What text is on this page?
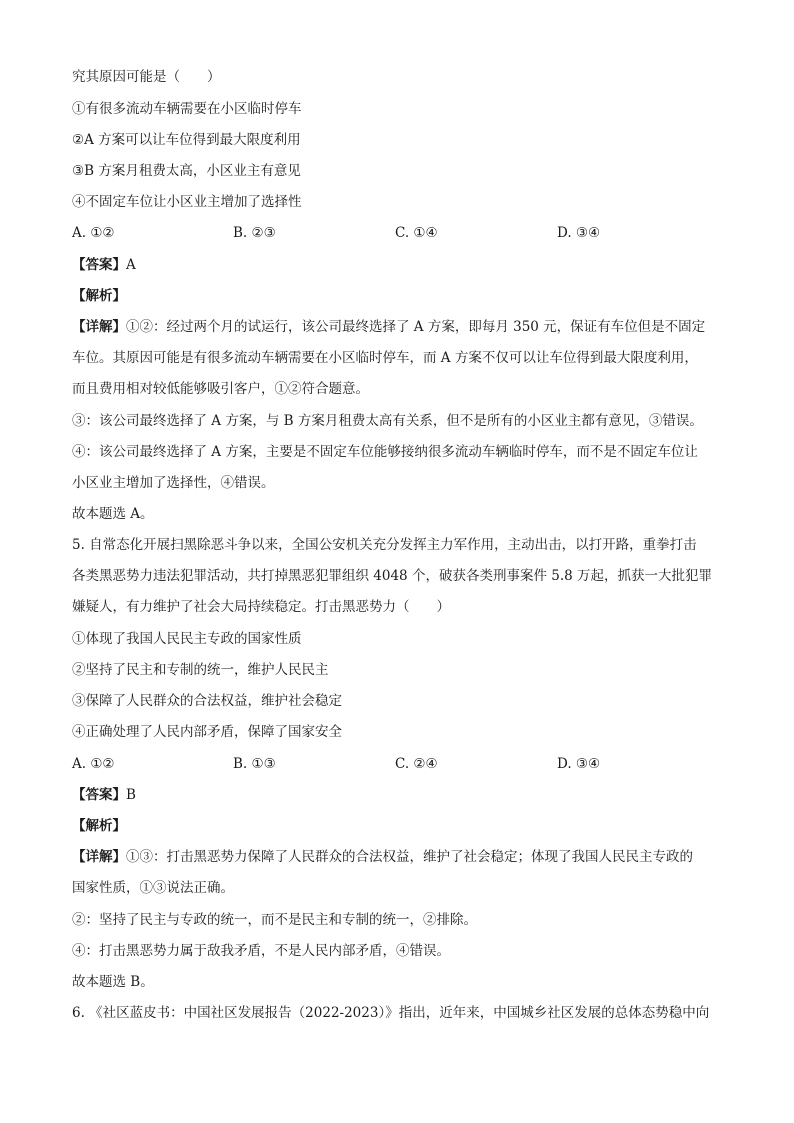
究其原因可能是（　　）
①有很多流动车辆需要在小区临时停车
②A 方案可以让车位得到最大限度利用
③B 方案月租费太高，小区业主有意见
④不固定车位让小区业主增加了选择性
A. ①②	B. ②③	C. ①④	D. ③④
【答案】A
【解析】
【详解】①②：经过两个月的试运行，该公司最终选择了 A 方案，即每月 350 元，保证有车位但是不固定
车位。其原因可能是有很多流动车辆需要在小区临时停车，而 A 方案不仅可以让车位得到最大限度利用，
而且费用相对较低能够吸引客户，①②符合题意。
③：该公司最终选择了 A 方案，与 B 方案月租费太高有关系，但不是所有的小区业主都有意见，③错误。
④：该公司最终选择了 A 方案，主要是不固定车位能够接纳很多流动车辆临时停车，而不是不固定车位让
小区业主增加了选择性，④错误。
故本题选 A。
5. 自常态化开展扫黑除恶斗争以来，全国公安机关充分发挥主力军作用，主动出击，以打开路，重拳打击
各类黑恶势力违法犯罪活动，共打掉黑恶犯罪组织 4048 个，破获各类刑事案件 5.8 万起，抓获一大批犯罪
嫌疑人，有力维护了社会大局持续稳定。打击黑恶势力（　　）
①体现了我国人民民主专政的国家性质
②坚持了民主和专制的统一，维护人民民主
③保障了人民群众的合法权益，维护社会稳定
④正确处理了人民内部矛盾，保障了国家安全
A. ①②	B. ①③	C. ②④	D. ③④
【答案】B
【解析】
【详解】①③：打击黑恶势力保障了人民群众的合法权益，维护了社会稳定；体现了我国人民民主专政的
国家性质，①③说法正确。
②：坚持了民主与专政的统一，而不是民主和专制的统一，②排除。
④：打击黑恶势力属于敌我矛盾，不是人民内部矛盾，④错误。
故本题选 B。
6. 《社区蓝皮书：中国社区发展报告（2022-2023）》指出，近年来，中国城乡社区发展的总体态势稳中向
